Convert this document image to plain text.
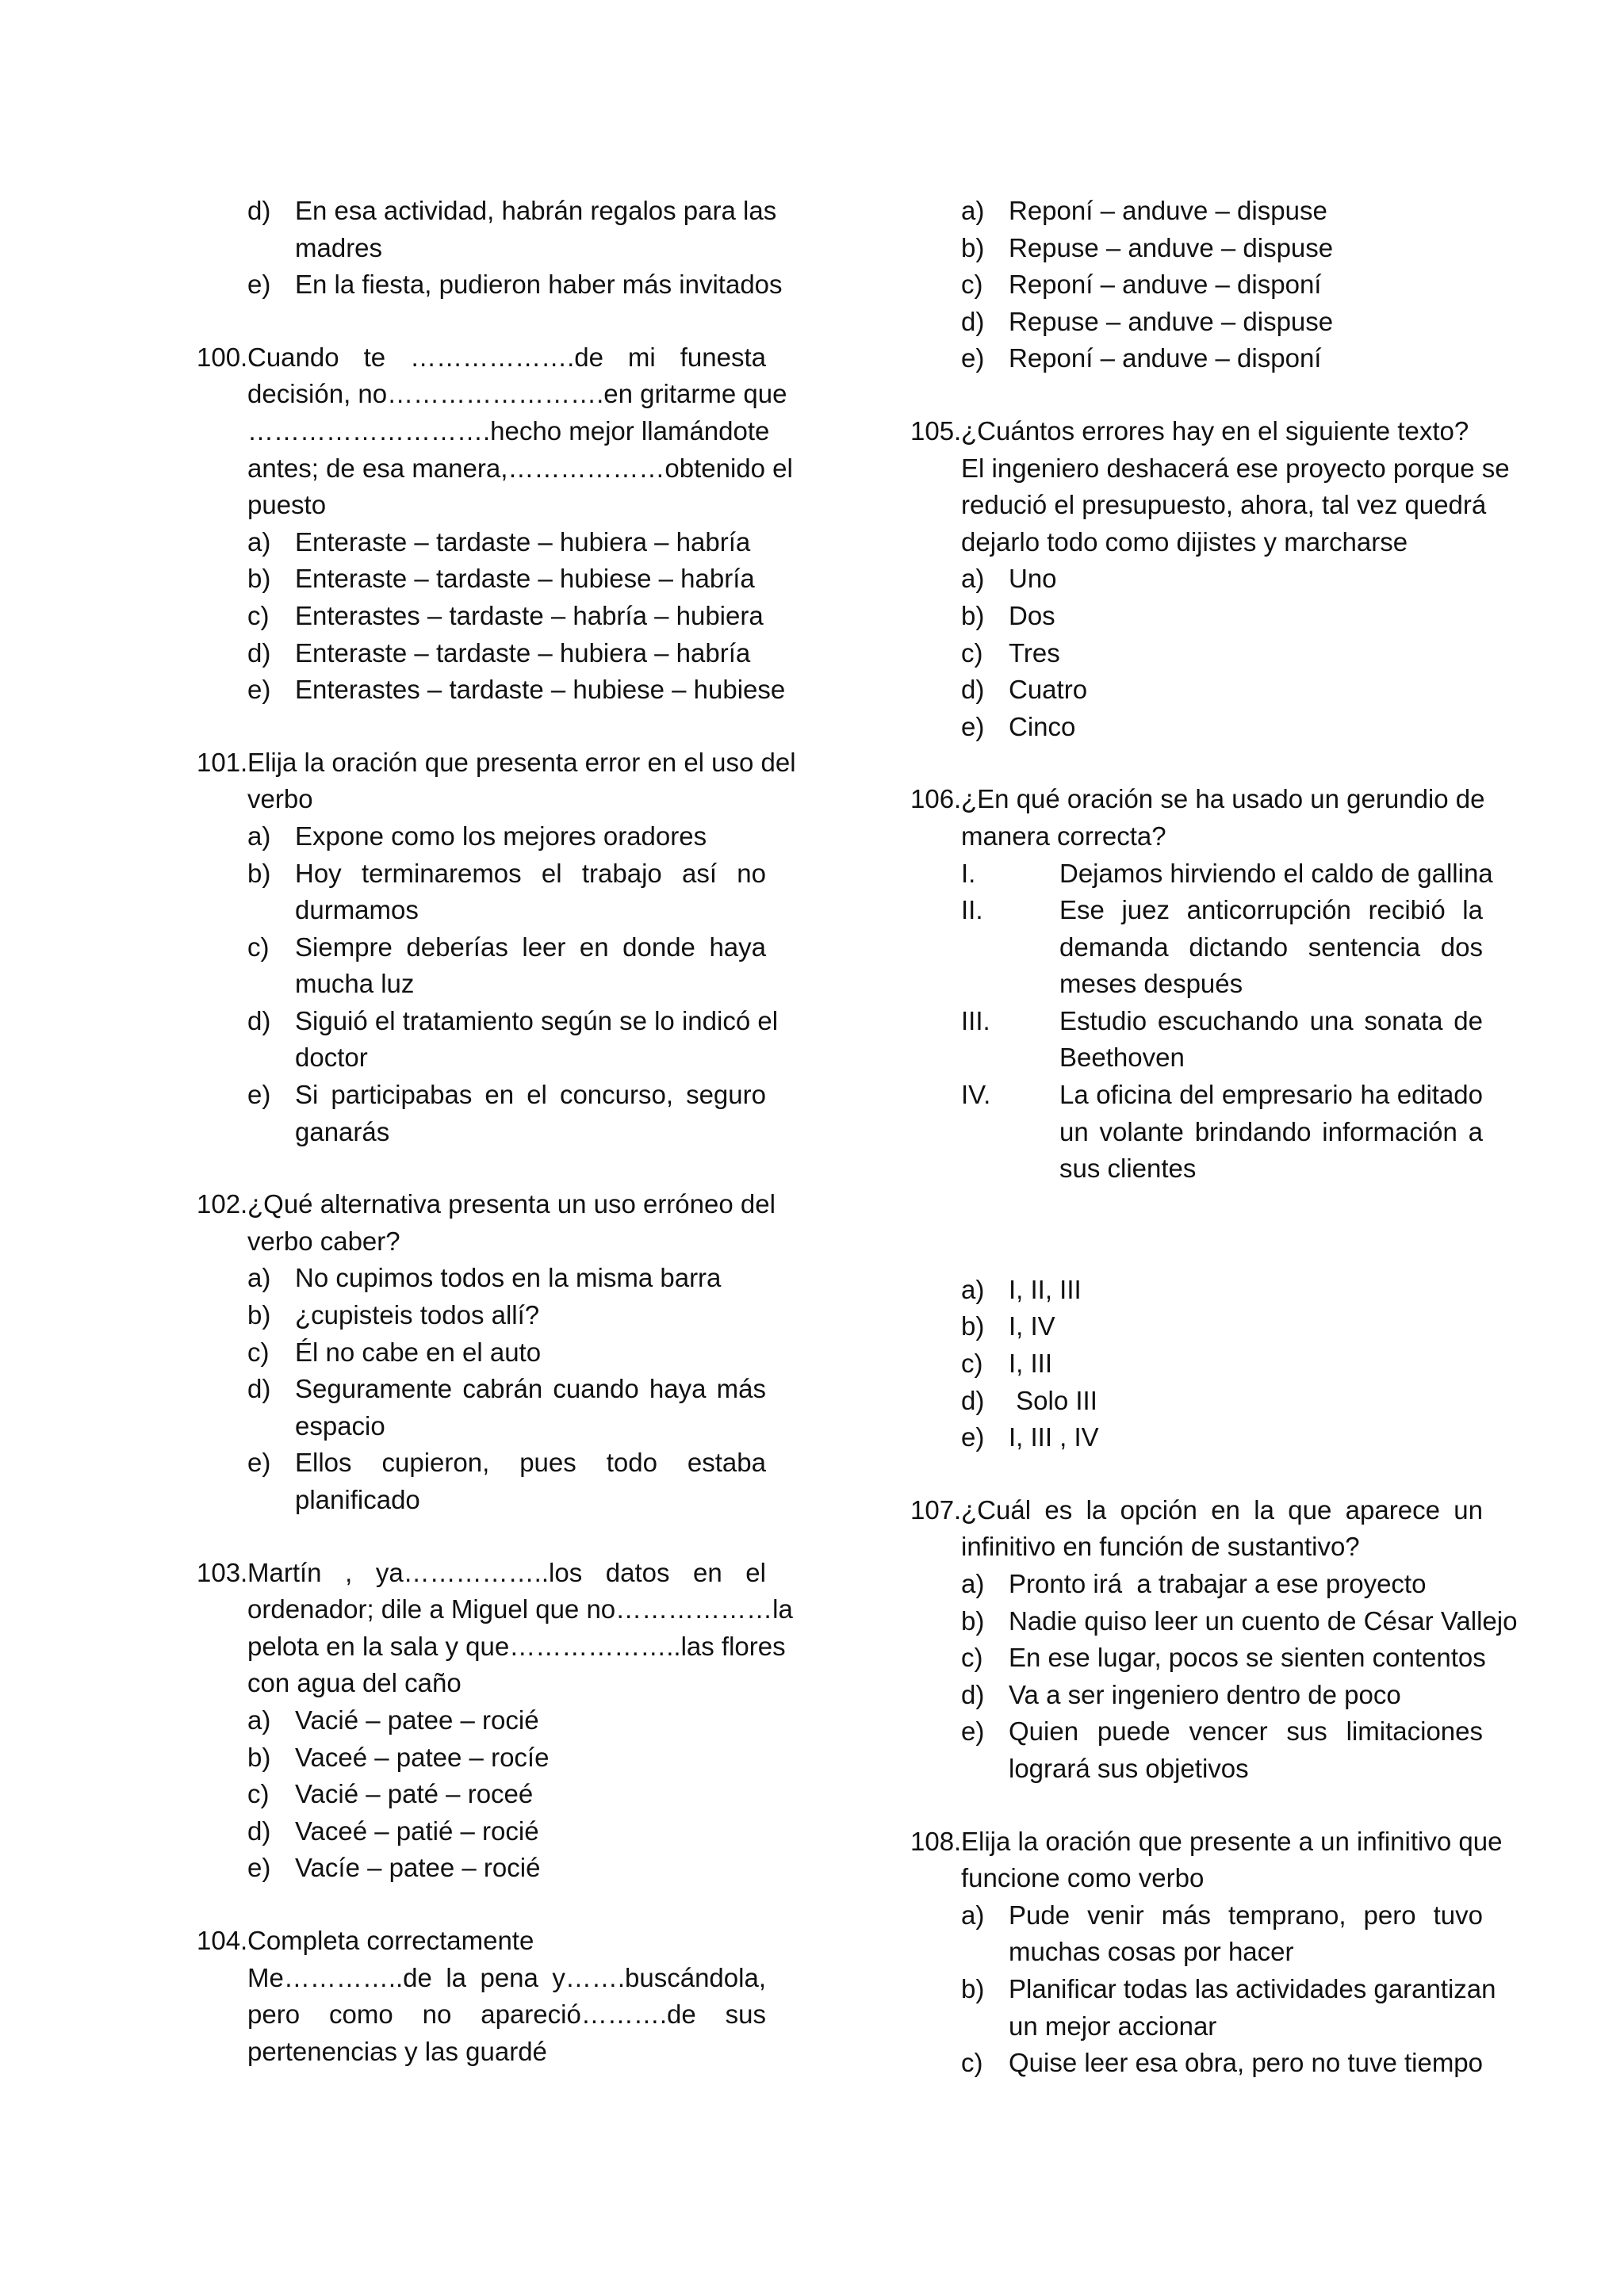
d) En esa actividad, habrán regalos para las
madres
e) En la fiesta, pudieron haber más invitados
100. Cuando te ……………….de mi funesta
decisión, no…………………….en gritarme que
……………………….hecho mejor llamándote
antes; de esa manera,………………obtenido el
puesto
a) Enteraste – tardaste – hubiera – habría
b) Enteraste – tardaste – hubiese – habría
c) Enterastes – tardaste – habría – hubiera
d) Enteraste – tardaste – hubiera – habría
e) Enterastes – tardaste – hubiese – hubiese
101. Elija la oración que presenta error en el uso del
verbo
a) Expone como los mejores oradores
b) Hoy terminaremos el trabajo así no
durmamos
c) Siempre deberías leer en donde haya
mucha luz
d) Siguió el tratamiento según se lo indicó el
doctor
e) Si participabas en el concurso, seguro
ganarás
102. ¿Qué alternativa presenta un uso erróneo del
verbo caber?
a) No cupimos todos en la misma barra
b) ¿cupisteis todos allí?
c) Él no cabe en el auto
d) Seguramente cabrán cuando haya más
espacio
e) Ellos cupieron, pues todo estaba
planificado
103. Martín , ya……………..los datos en el
ordenador; dile a Miguel que no………………la
pelota en la sala y que………………..las flores
con agua del caño
a) Vacié – patee – rocié
b) Vaceé – patee – rocíe
c) Vacié – paté – roceé
d) Vaceé – patié – rocié
e) Vacíe – patee – rocié
104. Completa correctamente
Me…………..de la pena y…….buscándola,
pero como no apareció……….de sus
pertenencias y las guardé
a) Reponí – anduve – dispuse
b) Repuse – anduve – dispuse
c) Reponí – anduve – disponí
d) Repuse – anduve – dispuse
e) Reponí – anduve – disponí
105. ¿Cuántos errores hay en el siguiente texto?
El ingeniero deshacerá ese proyecto porque se
redució el presupuesto, ahora, tal vez quedrá
dejarlo todo como dijistes y marcharse
a) Uno
b) Dos
c) Tres
d) Cuatro
e) Cinco
106. ¿En qué oración se ha usado un gerundio de
manera correcta?
I.	Dejamos hirviendo el caldo de gallina
II.	Ese juez anticorrupción recibió la
demanda dictando sentencia dos
meses después
III.	Estudio escuchando una sonata de
Beethoven
IV.	La oficina del empresario ha editado
un volante brindando información a
sus clientes
a) I, II, III
b) I, IV
c) I, III
d) Solo III
e) I, III , IV
107. ¿Cuál es la opción en la que aparece un
infinitivo en función de sustantivo?
a) Pronto irá  a trabajar a ese proyecto
b) Nadie quiso leer un cuento de César Vallejo
c) En ese lugar, pocos se sienten contentos
d) Va a ser ingeniero dentro de poco
e) Quien puede vencer sus limitaciones
logrará sus objetivos
108. Elija la oración que presente a un infinitivo que
funcione como verbo
a) Pude venir más temprano, pero tuvo
muchas cosas por hacer
b) Planificar todas las actividades garantizan
un mejor accionar
c) Quise leer esa obra, pero no tuve tiempo
